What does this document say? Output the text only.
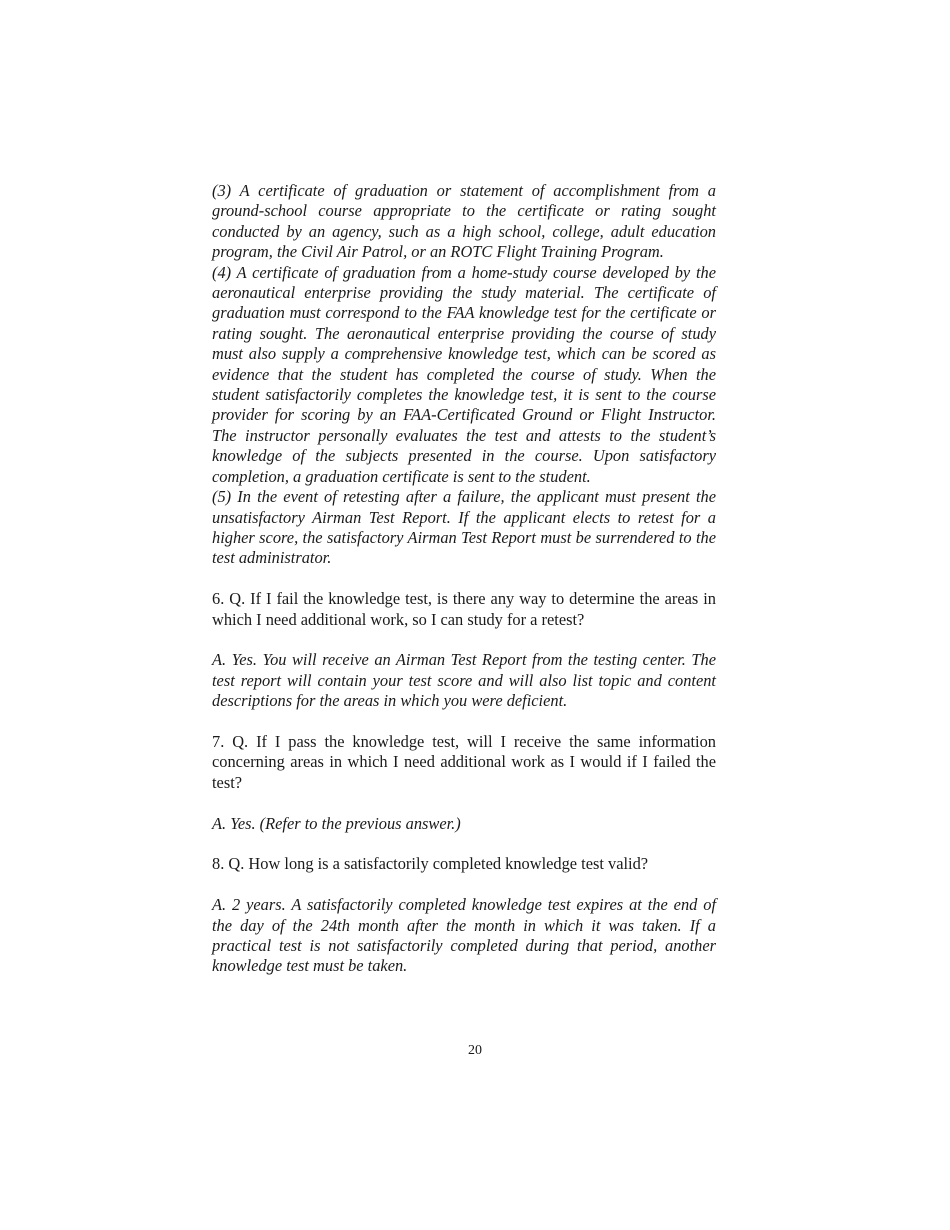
(3) A certificate of graduation or statement of accomplishment from a ground-school course appropriate to the certificate or rating sought conducted by an agency, such as a high school, college, adult education program, the Civil Air Patrol, or an ROTC Flight Training Program.

(4) A certificate of graduation from a home-study course developed by the aeronautical enterprise providing the study material. The certificate of graduation must correspond to the FAA knowledge test for the certificate or rating sought. The aeronautical enterprise providing the course of study must also supply a comprehensive knowledge test, which can be scored as evidence that the student has completed the course of study. When the student satisfactorily completes the knowledge test, it is sent to the course provider for scoring by an FAA-Certificated Ground or Flight Instructor. The instructor personally evaluates the test and attests to the student’s knowledge of the subjects presented in the course. Upon satisfactory completion, a graduation certificate is sent to the student.

(5) In the event of retesting after a failure, the applicant must present the unsatisfactory Airman Test Report. If the applicant elects to retest for a higher score, the satisfactory Airman Test Report must be surrendered to the test administrator.

6. Q. If I fail the knowledge test, is there any way to determine the areas in which I need additional work, so I can study for a retest?

A. Yes. You will receive an Airman Test Report from the testing center. The test report will contain your test score and will also list topic and content descriptions for the areas in which you were deficient.

7. Q. If I pass the knowledge test, will I receive the same information concerning areas in which I need additional work as I would if I failed the test?

A. Yes. (Refer to the previous answer.)

8. Q. How long is a satisfactorily completed knowledge test valid?

A. 2 years. A satisfactorily completed knowledge test expires at the end of the day of the 24th month after the month in which it was taken. If a practical test is not satisfactorily completed during that period, another knowledge test must be taken.

20
